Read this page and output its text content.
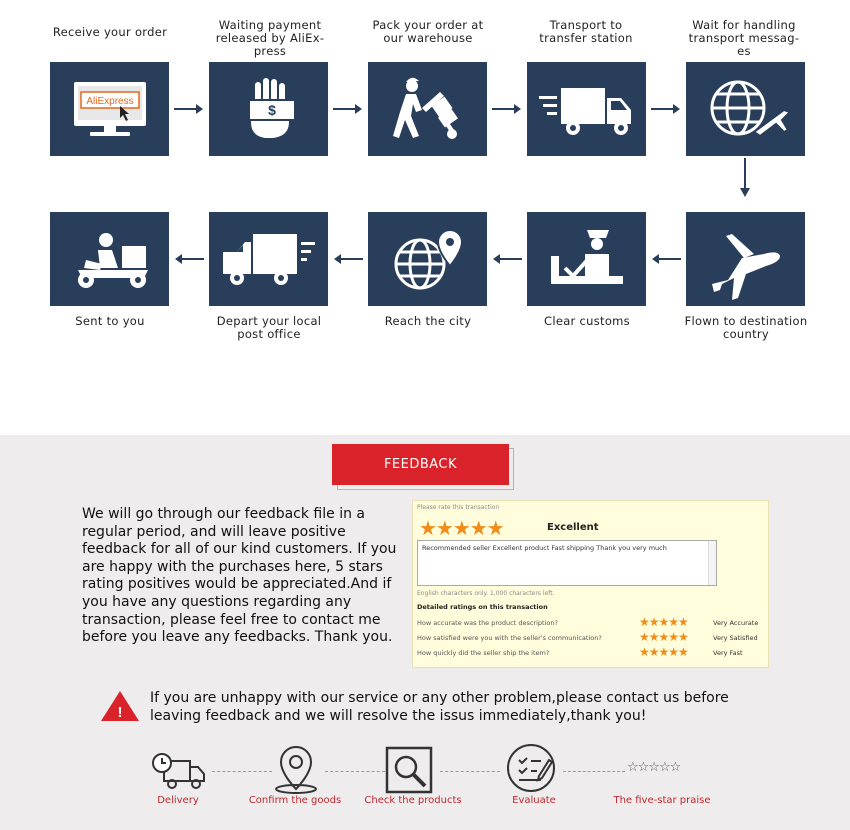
Receive your order	Waiting payment
released by AliEx-
press
Pack your order at
our warehouse
Transport to
transfer station
Wait for handling
transport messag-
es
AliExpress
$
Sent to you	Depart your local
post office
Reach the city	Clear customs	Flown to destination
country
FEEDBACK
We will go through our feedback file in a regular period, and will leave positive feedback for all of our kind customers. If you are happy with the purchases here, 5 stars rating positives would be appreciated.And if you have any questions regarding any transaction, please feel free to contact me before you leave any feedbacks. Thank you.
Please rate this transaction
★★★★★	Excellent
Recommended seller Excellent product Fast shipping Thank you very much
English characters only. 1,000 characters left.
Detailed ratings on this transaction
How accurate was the product description?	★★★★★	Very Accurate
How satisfied were you with the seller's communication?	★★★★★	Very Satisfied
How quickly did the seller ship the item?	★★★★★	Very Fast
!
If you are unhappy with our service or any other problem,please contact us before leaving feedback and we will resolve the issus immediately,thank you!
Delivery	Confirm the goods	Check the products	Evaluate
☆☆☆☆☆
The five-star praise
